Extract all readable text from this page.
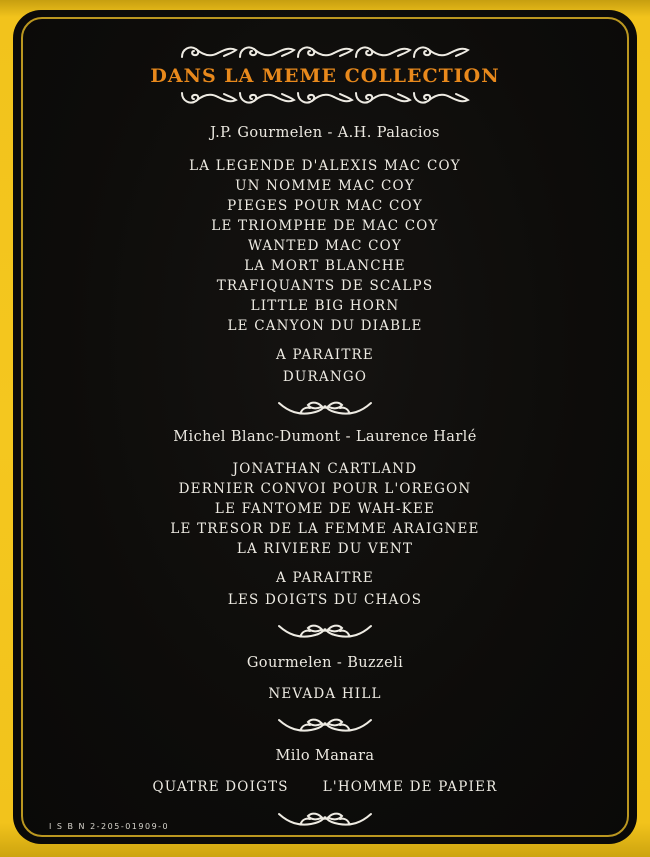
DANS LA MEME COLLECTION
J.P. Gourmelen - A.H. Palacios
LA LEGENDE D'ALEXIS MAC COY
UN NOMME MAC COY
PIEGES POUR MAC COY
LE TRIOMPHE DE MAC COY
WANTED MAC COY
LA MORT BLANCHE
TRAFIQUANTS DE SCALPS
LITTLE BIG HORN
LE CANYON DU DIABLE
A PARAITRE
DURANGO
Michel Blanc-Dumont - Laurence Harlé
JONATHAN CARTLAND
DERNIER CONVOI POUR L'OREGON
LE FANTOME DE WAH-KEE
LE TRESOR DE LA FEMME ARAIGNEE
LA RIVIERE DU VENT
A PARAITRE
LES DOIGTS DU CHAOS
Gourmelen - Buzzeli
NEVADA HILL
Milo Manara
QUATRE DOIGTS	L'HOMME DE PAPIER
I S B N 2-205-01909-0
